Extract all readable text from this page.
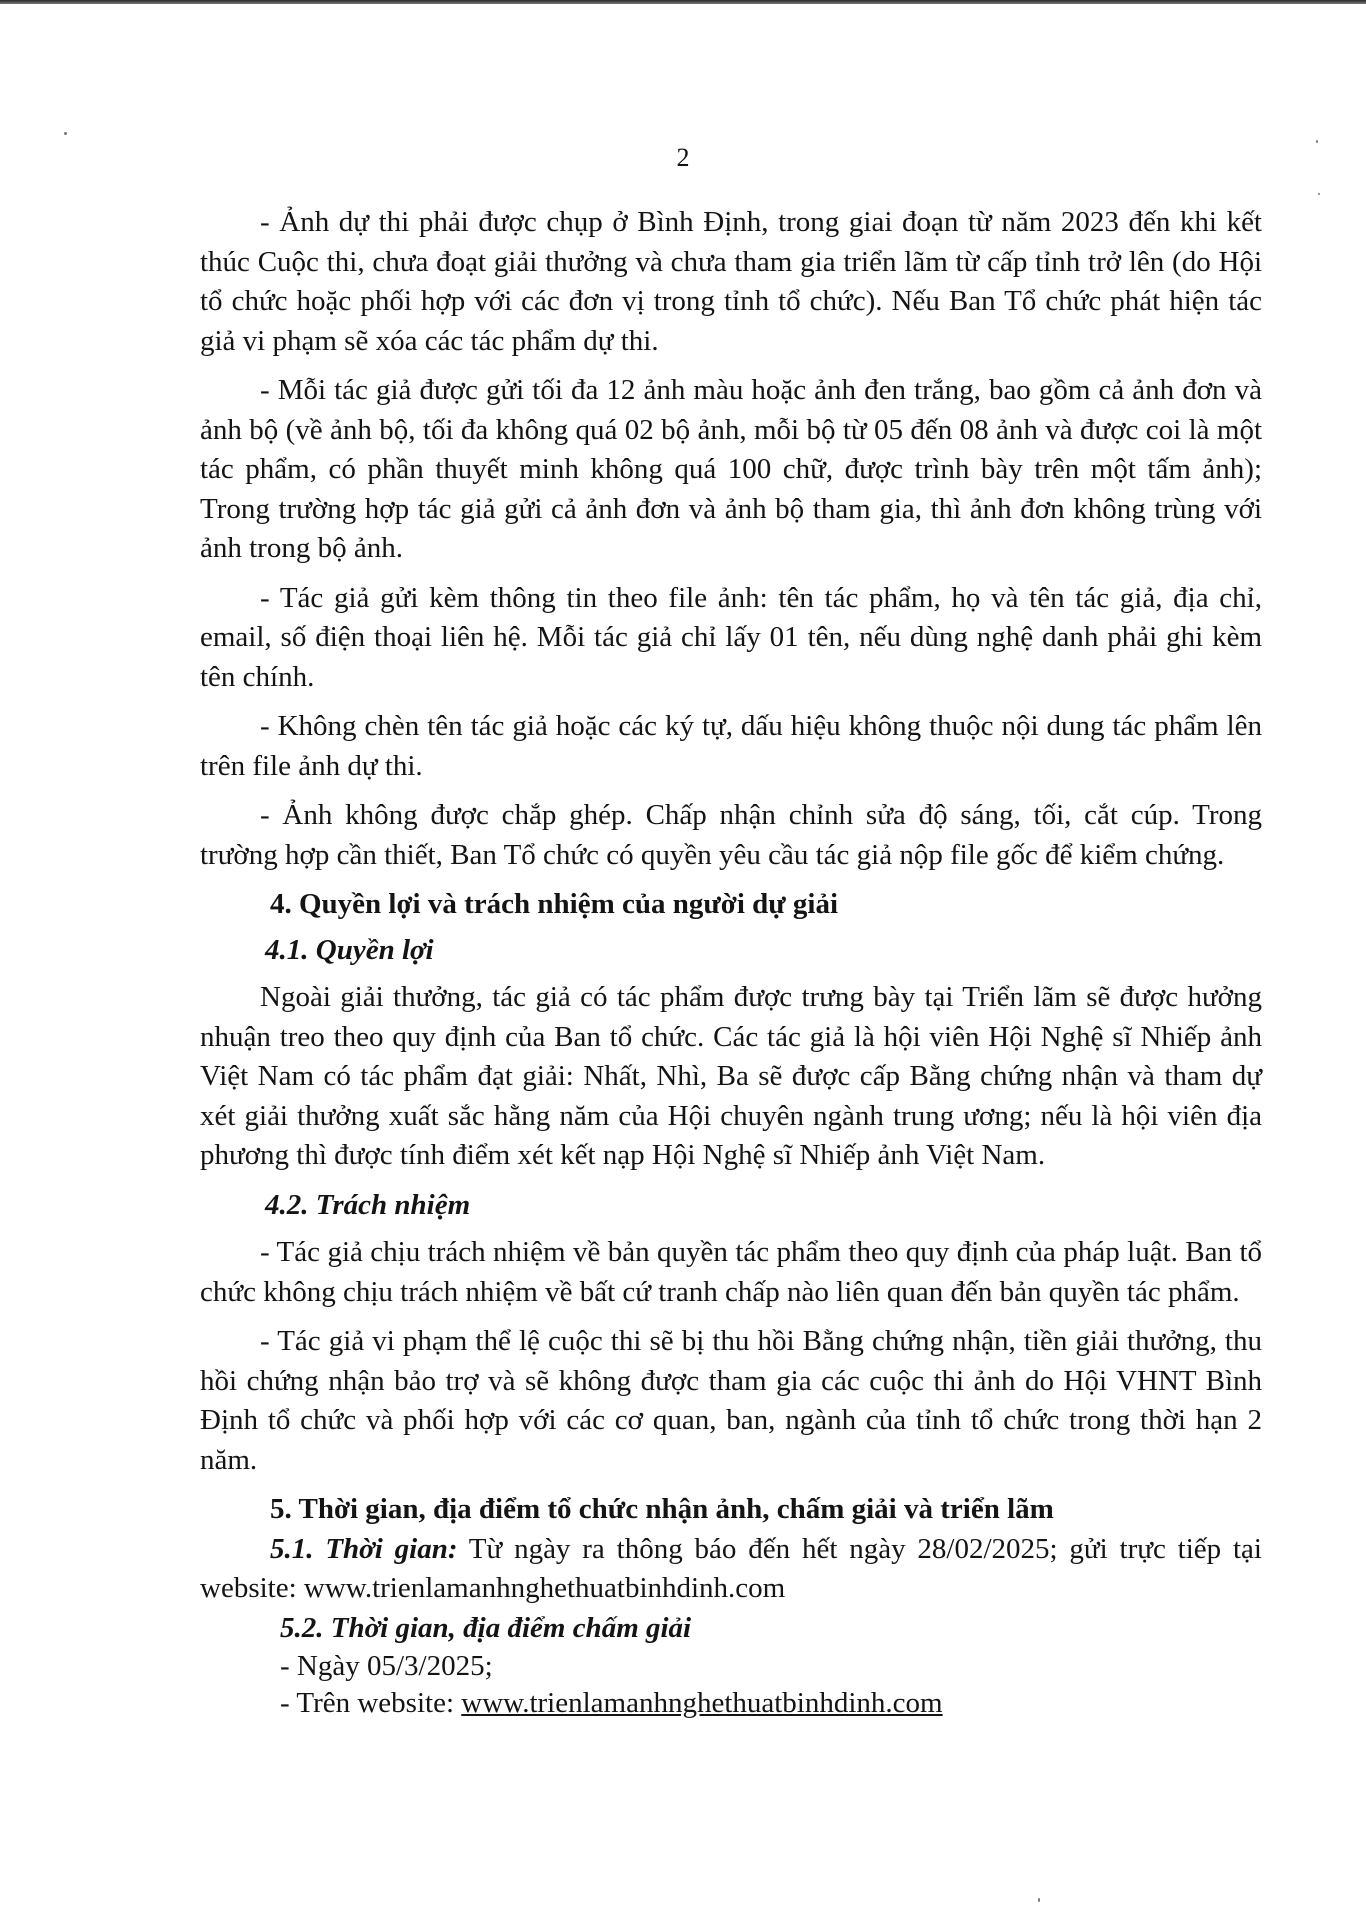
2

- Ảnh dự thi phải được chụp ở Bình Định, trong giai đoạn từ năm 2023 đến khi kết thúc Cuộc thi, chưa đoạt giải thưởng và chưa tham gia triển lãm từ cấp tỉnh trở lên (do Hội tổ chức hoặc phối hợp với các đơn vị trong tỉnh tổ chức). Nếu Ban Tổ chức phát hiện tác giả vi phạm sẽ xóa các tác phẩm dự thi.

- Mỗi tác giả được gửi tối đa 12 ảnh màu hoặc ảnh đen trắng, bao gồm cả ảnh đơn và ảnh bộ (về ảnh bộ, tối đa không quá 02 bộ ảnh, mỗi bộ từ 05 đến 08 ảnh và được coi là một tác phẩm, có phần thuyết minh không quá 100 chữ, được trình bày trên một tấm ảnh); Trong trường hợp tác giả gửi cả ảnh đơn và ảnh bộ tham gia, thì ảnh đơn không trùng với ảnh trong bộ ảnh.

- Tác giả gửi kèm thông tin theo file ảnh: tên tác phẩm, họ và tên tác giả, địa chỉ, email, số điện thoại liên hệ. Mỗi tác giả chỉ lấy 01 tên, nếu dùng nghệ danh phải ghi kèm tên chính.

- Không chèn tên tác giả hoặc các ký tự, dấu hiệu không thuộc nội dung tác phẩm lên trên file ảnh dự thi.

- Ảnh không được chắp ghép. Chấp nhận chỉnh sửa độ sáng, tối, cắt cúp. Trong trường hợp cần thiết, Ban Tổ chức có quyền yêu cầu tác giả nộp file gốc để kiểm chứng.

4. Quyền lợi và trách nhiệm của người dự giải

4.1. Quyền lợi

Ngoài giải thưởng, tác giả có tác phẩm được trưng bày tại Triển lãm sẽ được hưởng nhuận treo theo quy định của Ban tổ chức. Các tác giả là hội viên Hội Nghệ sĩ Nhiếp ảnh Việt Nam có tác phẩm đạt giải: Nhất, Nhì, Ba sẽ được cấp Bằng chứng nhận và tham dự xét giải thưởng xuất sắc hằng năm của Hội chuyên ngành trung ương; nếu là hội viên địa phương thì được tính điểm xét kết nạp Hội Nghệ sĩ Nhiếp ảnh Việt Nam.

4.2. Trách nhiệm

- Tác giả chịu trách nhiệm về bản quyền tác phẩm theo quy định của pháp luật. Ban tổ chức không chịu trách nhiệm về bất cứ tranh chấp nào liên quan đến bản quyền tác phẩm.

- Tác giả vi phạm thể lệ cuộc thi sẽ bị thu hồi Bằng chứng nhận, tiền giải thưởng, thu hồi chứng nhận bảo trợ và sẽ không được tham gia các cuộc thi ảnh do Hội VHNT Bình Định tổ chức và phối hợp với các cơ quan, ban, ngành của tỉnh tổ chức trong thời hạn 2 năm.

5. Thời gian, địa điểm tổ chức nhận ảnh, chấm giải và triển lãm

5.1. Thời gian: Từ ngày ra thông báo đến hết ngày 28/02/2025; gửi trực tiếp tại website: www.trienlamanhnghethuatbinhdinh.com

5.2. Thời gian, địa điểm chấm giải

- Ngày 05/3/2025;

- Trên website: www.trienlamanhnghethuatbinhdinh.com
